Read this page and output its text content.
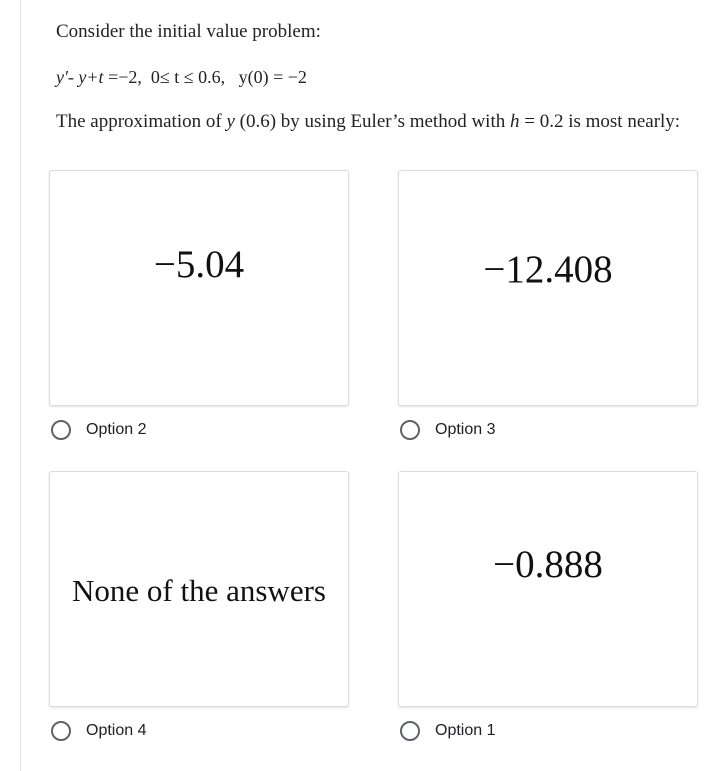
Consider the initial value problem:
y′- y+t =−2, 0≤ t ≤ 0.6, y(0) = −2
The approximation of y (0.6) by using Euler’s method with h = 0.2 is most nearly:
−5.04
Option 2
−12.408
Option 3
None of the answers
Option 4
−0.888
Option 1
